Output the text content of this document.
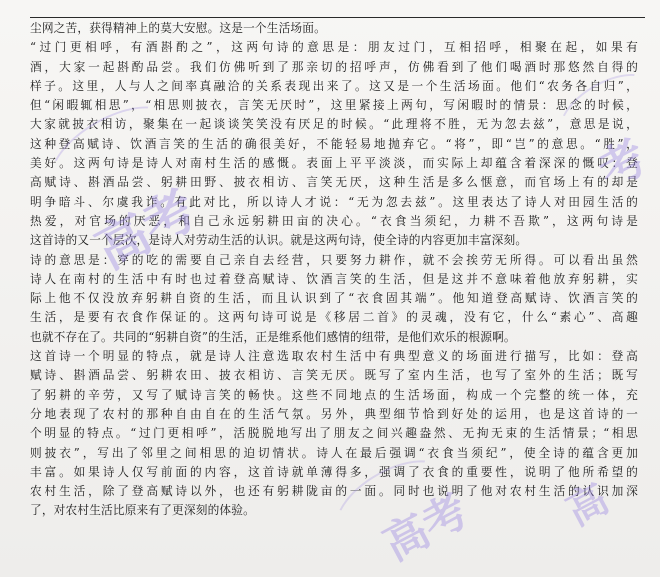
尘网之苦，获得精神上的莫大安慰。这是一个生活场面。
“过门更相呼，有酒斟酌之”，这两句诗的意思是：朋友过门，互相招呼，相聚在起，如果有
酒，大家一起斟酌品尝。我们仿佛听到了那亲切的招呼声，仿佛看到了他们喝酒时那悠然自得的
样子。这里，人与人之间率真融洽的关系表现出来了。这又是一个生活场面。他们“农务各自归”，
但“闲暇辄相思”，“相思则披衣，言笑无厌时”，这里紧接上两句，写闲暇时的情景：思念的时候，
大家就披衣相访，聚集在一起谈谈笑笑没有厌足的时候。“此理将不胜，无为忽去兹”，意思是说，
这种登高赋诗、饮酒言笑的生活的确很美好，不能轻易地抛弃它。“将”，即“岂”的意思。“胜”，
美好。这两句诗是诗人对南村生活的感慨。表面上平平淡淡，而实际上却蕴含着深深的慨叹：登
高赋诗、斟酒品尝、躬耕田野、披衣相访、言笑无厌，这种生活是多么惬意，而官场上有的却是
明争暗斗、尔虞我诈。有此对比，所以诗人才说：“无为忽去兹”。这里表达了诗人对田园生活的
热爱，对官场的厌恶，和自己永远躬耕田亩的决心。“衣食当须纪，力耕不吾欺”，这两句诗是
这首诗的又一个层次，是诗人对劳动生活的认识。就是这两句诗，使全诗的内容更加丰富深刻。
诗的意思是：穿的吃的需要自己亲自去经营，只要努力耕作，就不会挨劳无所得。可以看出虽然
诗人在南村的生活中有时也过着登高赋诗、饮酒言笑的生活，但是这并不意味着他放弃躬耕，实
际上他不仅没放弃躬耕自资的生活，而且认识到了“衣食固其端”。他知道登高赋诗、饮酒言笑的
生活，是要有衣食作保证的。这两句诗可说是《移居二首》的灵魂，没有它，什么“素心”、高趣
也就不存在了。共同的“躬耕自资”的生活，正是维系他们感情的纽带，是他们欢乐的根源啊。
这首诗一个明显的特点，就是诗人注意选取农村生活中有典型意义的场面进行描写，比如：登高
赋诗、斟酒品尝、躬耕农田、披衣相访、言笑无厌。既写了室内生活，也写了室外的生活；既写
了躬耕的辛劳，又写了赋诗言笑的畅快。这些不同地点的生活场面，构成一个完整的统一体，充
分地表现了农村的那种自由自在的生活气氛。另外，典型细节恰到好处的运用，也是这首诗的一
个明显的特点。“过门更相呼”，活脱脱地写出了朋友之间兴趣盎然、无拘无束的生活情景；“相思
则披衣”，写出了邻里之间相思的迫切情状。诗人在最后强调“衣食当须纪”，使全诗的蕴含更加
丰富。如果诗人仅写前面的内容，这首诗就单薄得多，强调了衣食的重要性，说明了他所希望的
农村生活，除了登高赋诗以外，也还有躬耕陇亩的一面。同时也说明了他对农村生活的认识加深
了，对农村生活比原来有了更深刻的体验。
高考
考
高考 高
